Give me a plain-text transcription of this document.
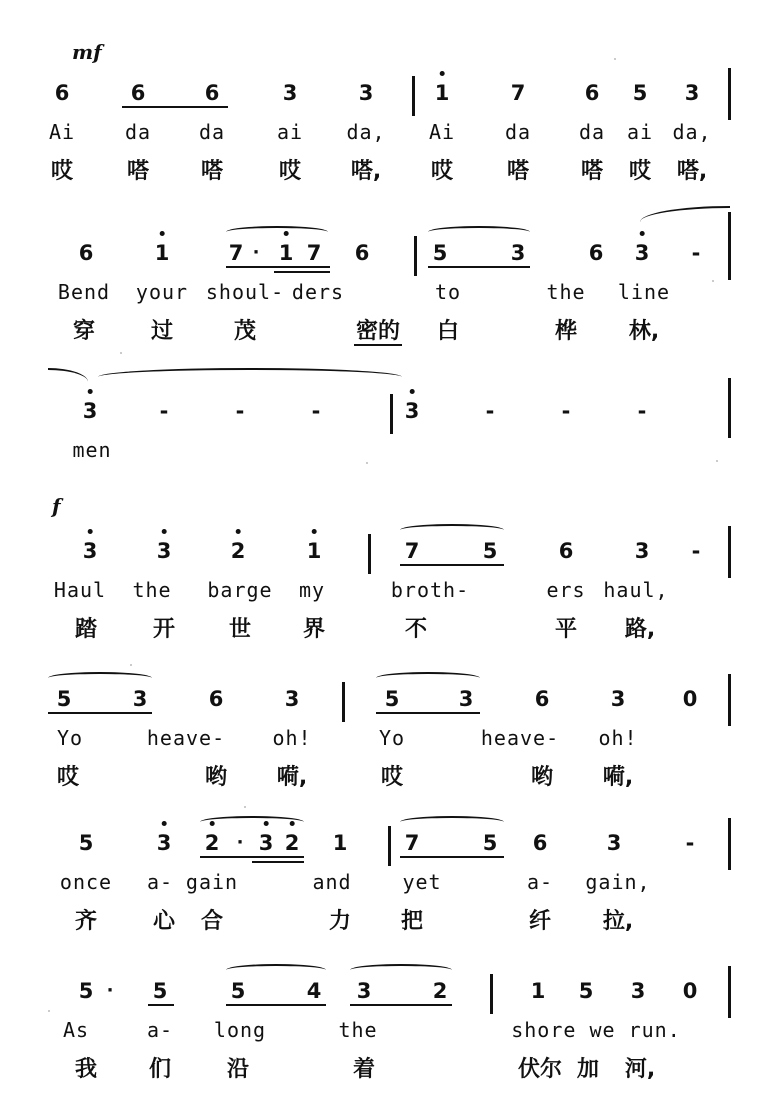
mf
f
6	6	6	3	3	1	7	6 5 3
Ai da da	ai da, Ai da da ai da,
哎 嗒 嗒	哎 嗒, 哎 嗒 嗒 哎 嗒,
6	1	7 · 1 7 6	5	3	6 3 -
Bend your shoul- ders	to	the line
穿	过	茂	密的 白	桦 林,
3	-	-	-	3	-	-	-
men
3	3	2	1	7	5	6	3 -
Haul the barge my	broth-	ers haul,
踏	开 世 界	不	平 路,
5	3	6	3	5	3	6	3	0
Yo	heave- oh!	Yo	heave- oh!
哎	哟 嗬,	哎	哟 嗬,
5	3 2 · 3 2 1	7	5 6	3	-
once a- gain	and	yet	a- gain,
齐	心 合	力 把	纤 拉,
5 · 5	5	4 3	2	1 5 3 0
As	a- long	the	shore we run.
我 们	沿	着	伏尔 加 河,
